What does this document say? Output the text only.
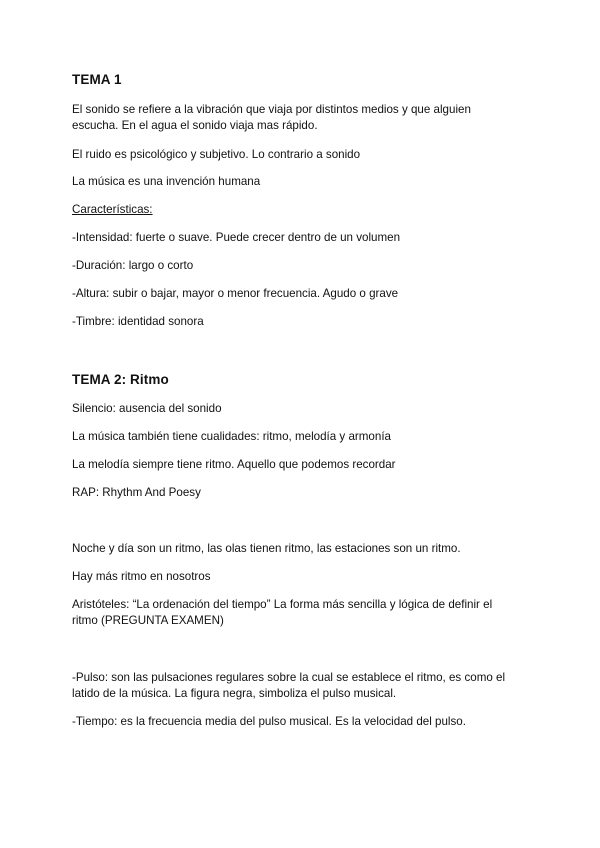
TEMA 1
El sonido se refiere a la vibración que viaja por distintos medios y que alguien
escucha. En el agua el sonido viaja mas rápido.
El ruido es psicológico y subjetivo. Lo contrario a sonido
La música es una invención humana
Características:
-Intensidad: fuerte o suave. Puede crecer dentro de un volumen
-Duración: largo o corto
-Altura: subir o bajar, mayor o menor frecuencia. Agudo o grave
-Timbre: identidad sonora
TEMA 2: Ritmo
Silencio: ausencia del sonido
La música también tiene cualidades: ritmo, melodía y armonía
La melodía siempre tiene ritmo. Aquello que podemos recordar
RAP: Rhythm And Poesy
Noche y día son un ritmo, las olas tienen ritmo, las estaciones son un ritmo.
Hay más ritmo en nosotros
Aristóteles: “La ordenación del tiempo” La forma más sencilla y lógica de definir el
ritmo (PREGUNTA EXAMEN)
-Pulso: son las pulsaciones regulares sobre la cual se establece el ritmo, es como el
latido de la música. La figura negra, simboliza el pulso musical.
-Tiempo: es la frecuencia media del pulso musical. Es la velocidad del pulso.
